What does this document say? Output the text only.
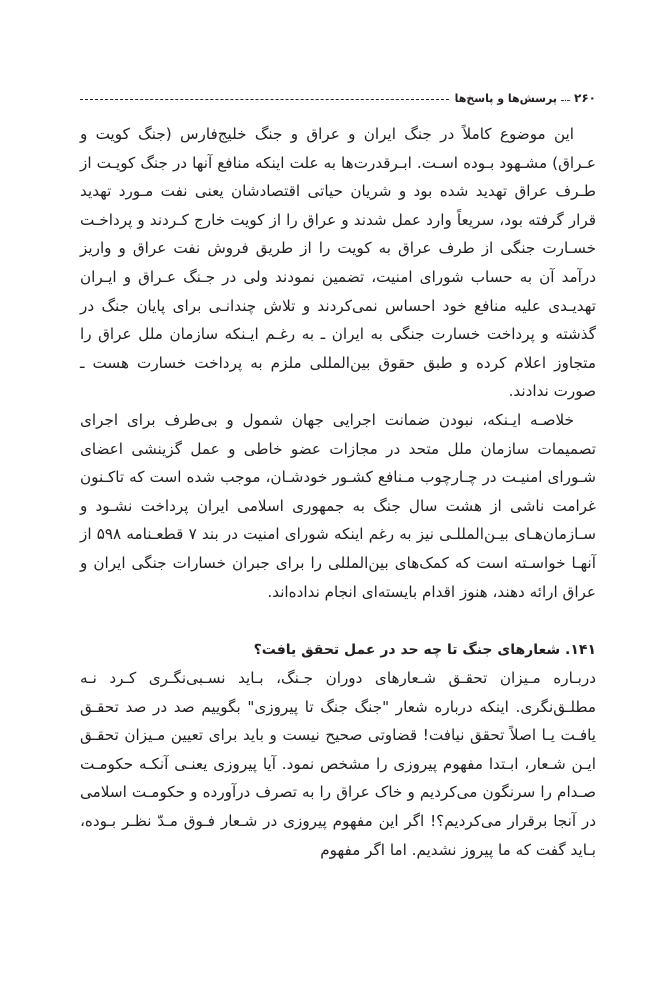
۲۶۰
ـ.ـ
پرسش‌ها و پاسخ‌ها

این موضوع کاملاً در جنگ ایران و عراق و جنگ خلیج‌فارس (جنگ کویت و عـراق) مشـهود بـوده اسـت. ابـرقدرت‌ها به علت اینکه منافع آنها در جنگ کویـت از طـرف عراق تهدید شده بود و شریان حیاتی اقتصادشان یعنی نفت مـورد تهدید قرار گرفته بود، سریعاً وارد عمل شدند و عراق را از کویت خارج کـردند و پرداخـت خسـارت جنگی از طرف عراق به کویت را از طریق فروش نفت عراق و واریز درآمد آن به حساب شورای امنیت، تضمین نمودند ولی در جـنگ عـراق و ایـران تهدیـدی علیه منافع خود احساس نمی‌کردند و تلاش چندانـی برای پایان جنگ در گذشته و پرداخت خسارت جنگی به ایران ـ به رغـم ایـنکه سازمان ملل عراق را متجاوز اعلام کرده و طبق حقوق بین‌المللی ملزم به پرداخت خسارت هست ـ صورت ندادند.

خلاصـه ایـنکه، نبودن ضمانت اجرایی جهان شمول و بی‌طرف برای اجرای تصمیمات سازمان ملل متحد در مجازات عضو خاطی و عمل گزینشی اعضای شـورای امنیـت در چـارچوب مـنافع کشـور خودشـان، موجب شده است که تاکـنون غرامت ناشی از هشت سال جنگ به جمهوری اسلامی ایران پرداخت نشـود و سـازمان‌هـای بیـن‌المللـی نیز به رغم اینکه شورای امنیت در بند ۷ قطعـنامه ۵۹۸ از آنهـا خواسـته است که کمک‌های بین‌المللی را برای جبران خسارات جنگی ایران و عراق ارائه دهند، هنوز اقدام بایسته‌ای انجام نداده‌اند.

۱۴۱. شعارهای جنگ تا چه حد در عمل تحقق یافت؟

دربـاره مـیزان تحقـق شـعارهای دوران جـنگ، بـاید نسـبی‌نگـری کـرد نـه مطلـق‌نگری. اینکه درباره شعار "جنگ جنگ تا پیروزی" بگوییم صد در صد تحقـق یافـت یـا اصلاً تحقق نیافت! قضاوتی صحیح نیست و باید برای تعیین مـیزان تحقـق ایـن شـعار، ابـتدا مفهوم پیروزی را مشخص نمود. آیا پیروزی یعنـی آنکـه حکومـت صـدام را سرنگون می‌کردیم و خاک عراق را به تصرف درآورده و حکومـت اسلامی در آنجا برقرار می‌کردیم؟! اگر این مفهوم پیروزی در شـعار فـوق مـدّ نظـر بـوده، بـاید گفت که ما پیروز نشدیم. اما اگر مفهوم
